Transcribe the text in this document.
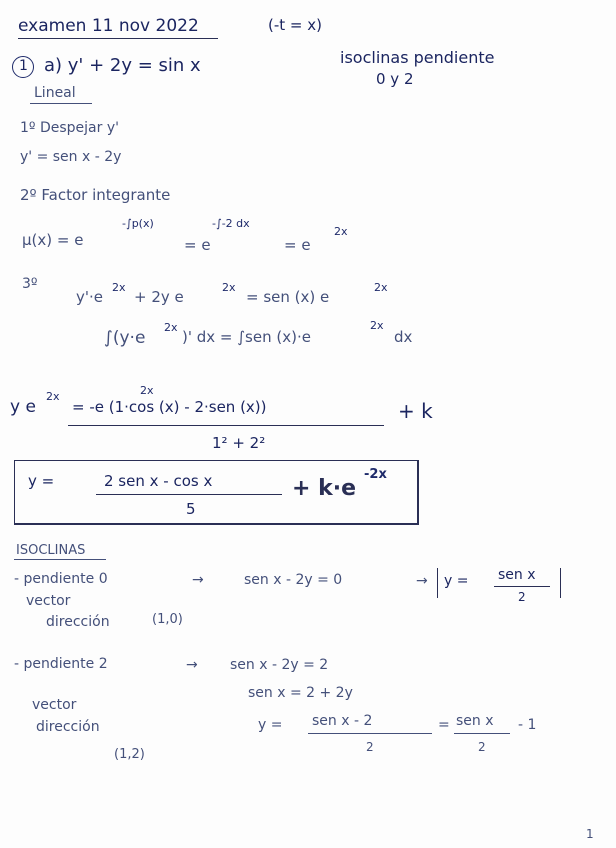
examen 11 nov 2022	(-t = x)
1 a) y' + 2y = sin x	isoclinas pendiente
0 y 2
Lineal
1º Despejar y'
y' = sen x - 2y
2º Factor integrante
μ(x) = e
-∫p(x)
= e
-∫-2 dx
= e
2x
3º
y'·e
2x
+ 2y e
2x
= sen (x) e
2x
∫(y·e
2x
)' dx = ∫sen (x)·e
2x
dx
y e
2x
= -e (1·cos (x) - 2·sen (x))
2x
+ k
1² + 2²
y =	2 sen x - cos x
5
+ k·e
-2x
ISOCLINAS
- pendiente 0	→	sen x - 2y = 0	→ y = sen x
2
vector
dirección	(1,0)
- pendiente 2	→ sen x - 2y = 2
sen x = 2 + 2y
vector
dirección
(1,2)
y = sen x - 2
2
= sen x
2
- 1
1
